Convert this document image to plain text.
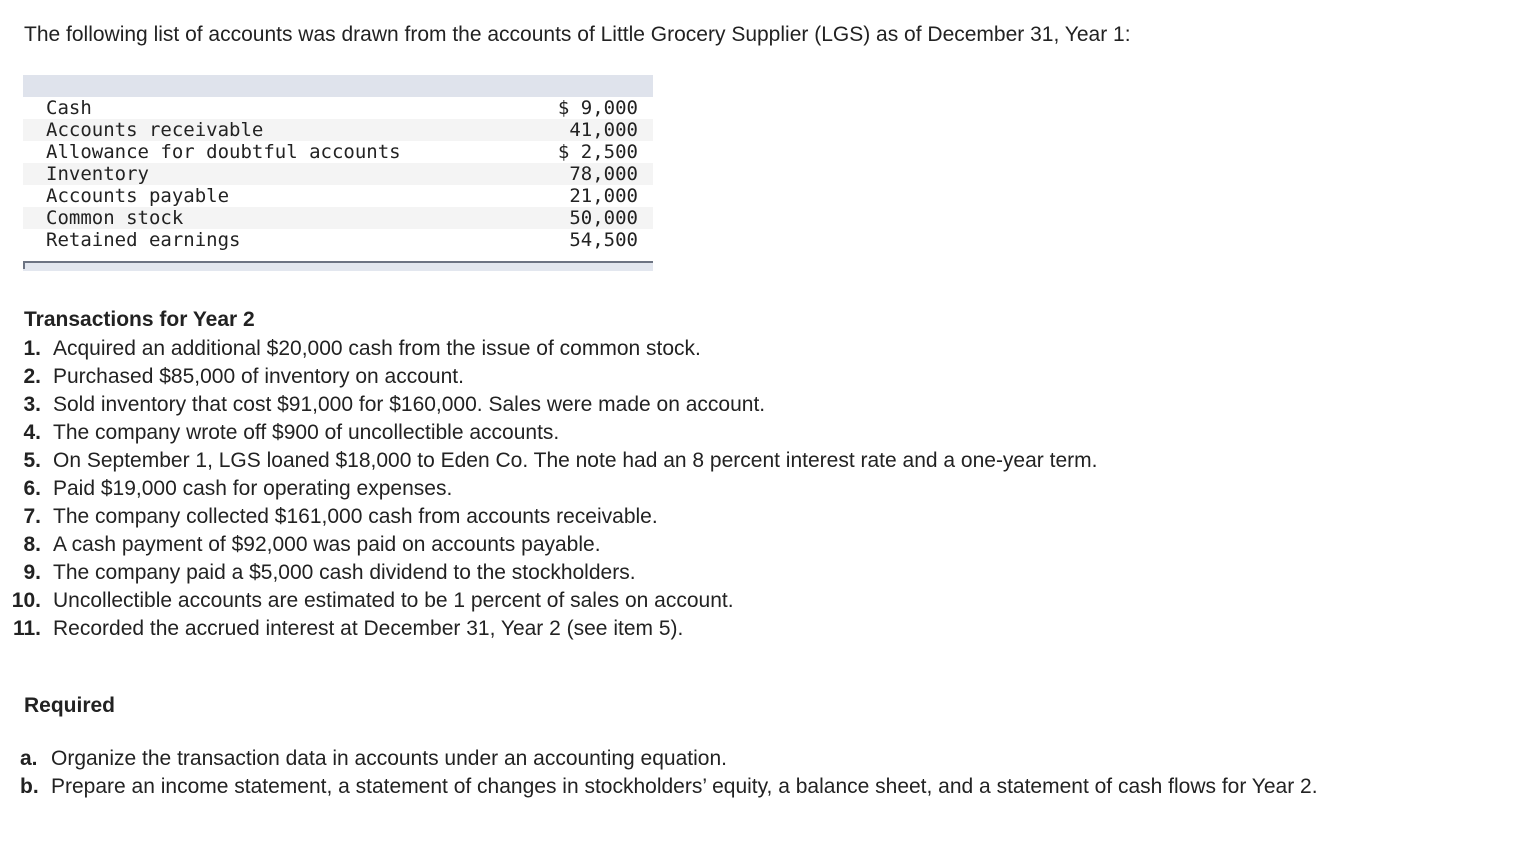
The following list of accounts was drawn from the accounts of Little Grocery Supplier (LGS) as of December 31, Year 1:

Cash	$ 9,000
Accounts receivable	41,000
Allowance for doubtful accounts	$ 2,500
Inventory	78,000
Accounts payable	21,000
Common stock	50,000
Retained earnings	54,500
Transactions for Year 2
1. Acquired an additional $20,000 cash from the issue of common stock.
2. Purchased $85,000 of inventory on account.
3. Sold inventory that cost $91,000 for $160,000. Sales were made on account.
4. The company wrote off $900 of uncollectible accounts.
5. On September 1, LGS loaned $18,000 to Eden Co. The note had an 8 percent interest rate and a one-year term.
6. Paid $19,000 cash for operating expenses.
7. The company collected $161,000 cash from accounts receivable.
8. A cash payment of $92,000 was paid on accounts payable.
9. The company paid a $5,000 cash dividend to the stockholders.
10. Uncollectible accounts are estimated to be 1 percent of sales on account.
11. Recorded the accrued interest at December 31, Year 2 (see item 5).
Required
a. Organize the transaction data in accounts under an accounting equation.
b. Prepare an income statement, a statement of changes in stockholders’ equity, a balance sheet, and a statement of cash flows for Year 2.
